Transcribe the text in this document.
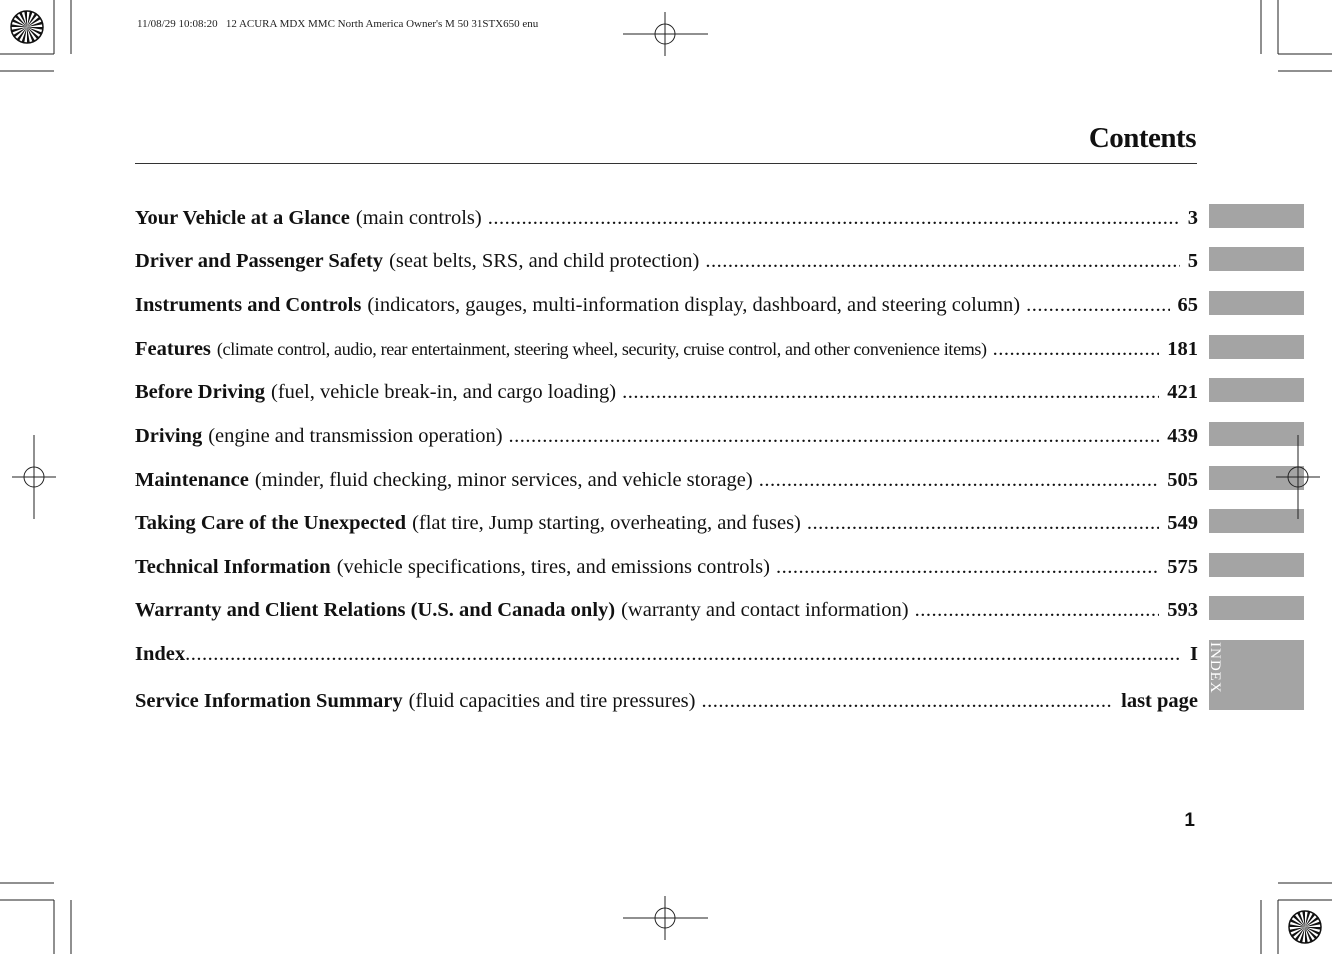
11/08/29 10:08:20   12 ACURA MDX MMC North America Owner's M 50 31STX650 enu
Contents
Your Vehicle at a Glance (main controls) .....	3
Driver and Passenger Safety (seat belts, SRS, and child protection) .....	5
Instruments and Controls (indicators, gauges, multi-information display, dashboard, and steering column) .....	65
Features (climate control, audio, rear entertainment, steering wheel, security, cruise control, and other convenience items) .....	181
Before Driving (fuel, vehicle break-in, and cargo loading) .....	421
Driving (engine and transmission operation) .....	439
Maintenance (minder, fluid checking, minor services, and vehicle storage) .....	505
Taking Care of the Unexpected (flat tire, Jump starting, overheating, and fuses) .....	549
Technical Information (vehicle specifications, tires, and emissions controls) .....	575
Warranty and Client Relations (U.S. and Canada only) (warranty and contact information) .....	593
Index .....	I
Service Information Summary (fluid capacities and tire pressures) .....	last page
INDEX
1
